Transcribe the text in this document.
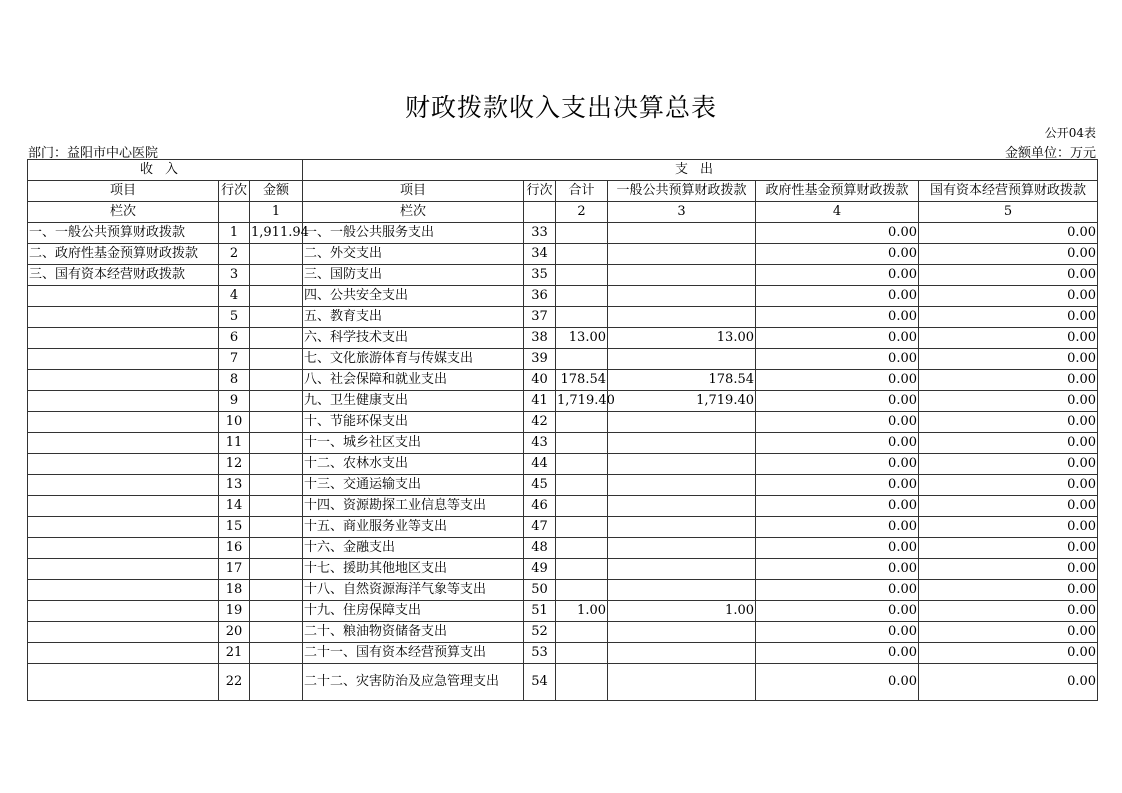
财政拨款收入支出决算总表
公开04表
部门：益阳市中心医院	金额单位：万元
收入			支出					
项目	行次	金额	项目	行次	合计	一般公共预算财政拨款	政府性基金预算财政拨款	国有资本经营预算财政拨款
栏次		1	栏次		2	3	4	5
一、一般公共预算财政拨款	1	1,911.94	一、一般公共服务支出	33			0.00	0.00
二、政府性基金预算财政拨款	2		二、外交支出	34			0.00	0.00
三、国有资本经营财政拨款	3		三、国防支出	35			0.00	0.00
	4		四、公共安全支出	36			0.00	0.00
	5		五、教育支出	37			0.00	0.00
	6		六、科学技术支出	38	13.00	13.00	0.00	0.00
	7		七、文化旅游体育与传媒支出	39			0.00	0.00
	8		八、社会保障和就业支出	40	178.54	178.54	0.00	0.00
	9		九、卫生健康支出	41	1,719.40	1,719.40	0.00	0.00
	10		十、节能环保支出	42			0.00	0.00
	11		十一、城乡社区支出	43			0.00	0.00
	12		十二、农林水支出	44			0.00	0.00
	13		十三、交通运输支出	45			0.00	0.00
	14		十四、资源勘探工业信息等支出	46			0.00	0.00
	15		十五、商业服务业等支出	47			0.00	0.00
	16		十六、金融支出	48			0.00	0.00
	17		十七、援助其他地区支出	49			0.00	0.00
	18		十八、自然资源海洋气象等支出	50			0.00	0.00
	19		十九、住房保障支出	51	1.00	1.00	0.00	0.00
	20		二十、粮油物资储备支出	52			0.00	0.00
	21		二十一、国有资本经营预算支出	53			0.00	0.00
	22		二十二、灾害防治及应急管理支出	54			0.00	0.00
